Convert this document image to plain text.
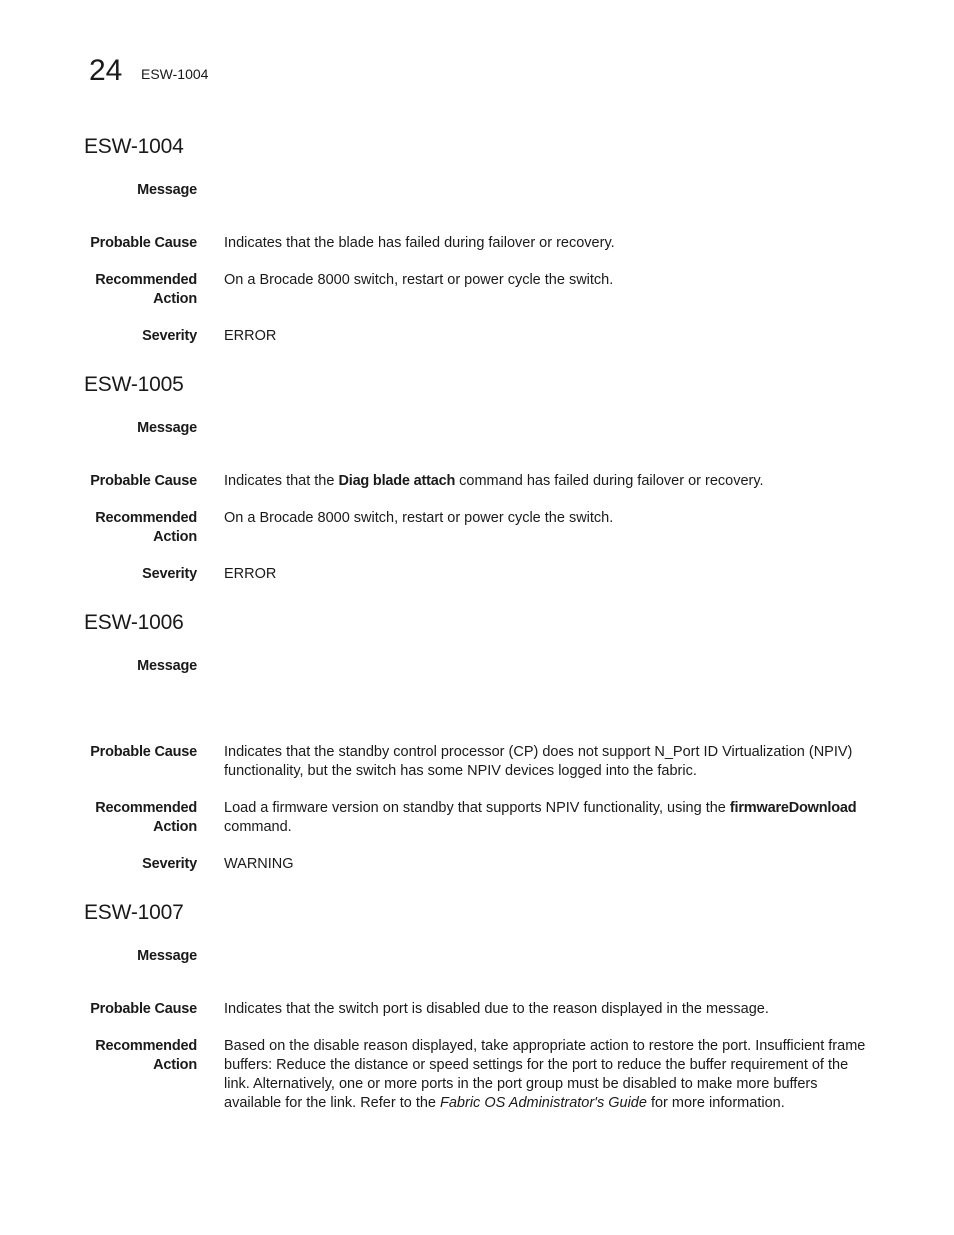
24 ESW-1004
ESW-1004
Message
Probable Cause Indicates that the blade has failed during failover or recovery.
Recommended Action
On a Brocade 8000 switch, restart or power cycle the switch.
Severity ERROR
ESW-1005
Message
Probable Cause Indicates that the Diag blade attach command has failed during failover or recovery.
Recommended Action
On a Brocade 8000 switch, restart or power cycle the switch.
Severity ERROR
ESW-1006
Message
Probable Cause Indicates that the standby control processor (CP) does not support N_Port ID Virtualization (NPIV) functionality, but the switch has some NPIV devices logged into the fabric.
Recommended Action
Load a firmware version on standby that supports NPIV functionality, using the firmwareDownload command.
Severity WARNING
ESW-1007
Message
Probable Cause Indicates that the switch port is disabled due to the reason displayed in the message.
Recommended Action
Based on the disable reason displayed, take appropriate action to restore the port. Insufficient frame buffers: Reduce the distance or speed settings for the port to reduce the buffer requirement of the link. Alternatively, one or more ports in the port group must be disabled to make more buffers available for the link. Refer to the Fabric OS Administrator's Guide for more information.
